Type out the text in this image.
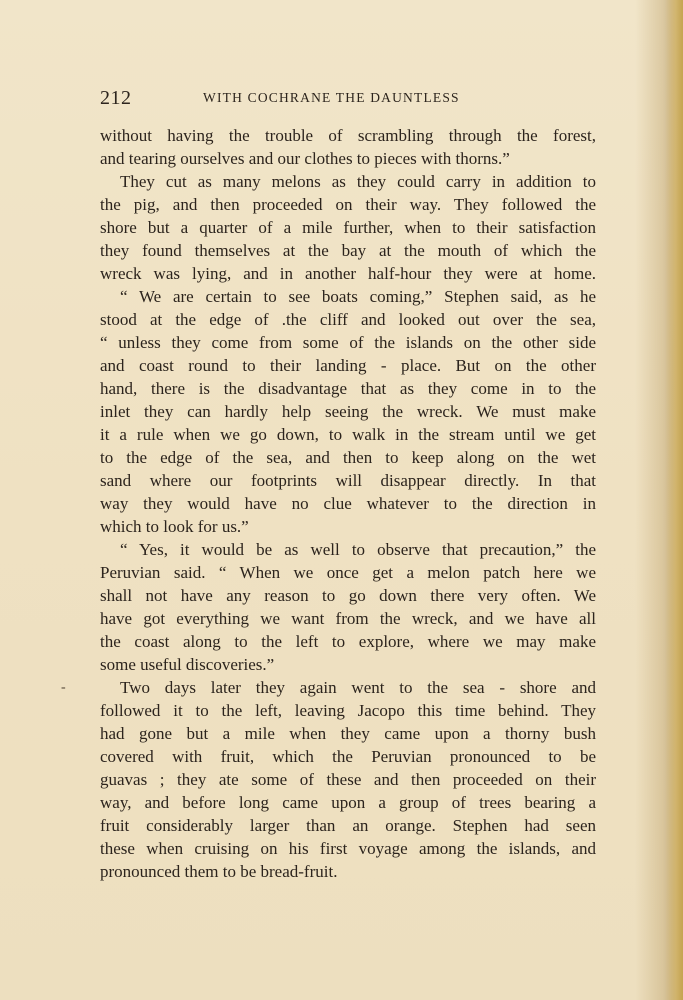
212	WITH COCHRANE THE DAUNTLESS
-
without having the trouble of scrambling through the forest,
and tearing ourselves and our clothes to pieces with thorns.”
They cut as many melons as they could carry in addition to
the pig, and then proceeded on their way. They followed the
shore but a quarter of a mile further, when to their satisfaction
they found themselves at the bay at the mouth of which the
wreck was lying, and in another half-hour they were at home.
“ We are certain to see boats coming,” Stephen said, as he
stood at the edge of .the cliff and looked out over the sea,
“ unless they come from some of the islands on the other side
and coast round to their landing - place. But on the other
hand, there is the disadvantage that as they come in to the
inlet they can hardly help seeing the wreck. We must make
it a rule when we go down, to walk in the stream until we get
to the edge of the sea, and then to keep along on the wet
sand where our footprints will disappear directly. In that
way they would have no clue whatever to the direction in
which to look for us.”
“ Yes, it would be as well to observe that precaution,” the
Peruvian said. “ When we once get a melon patch here we
shall not have any reason to go down there very often. We
have got everything we want from the wreck, and we have all
the coast along to the left to explore, where we may make
some useful discoveries.”
Two days later they again went to the sea - shore and
followed it to the left, leaving Jacopo this time behind. They
had gone but a mile when they came upon a thorny bush
covered with fruit, which the Peruvian pronounced to be
guavas ; they ate some of these and then proceeded on their
way, and before long came upon a group of trees bearing a
fruit considerably larger than an orange. Stephen had seen
these when cruising on his first voyage among the islands, and
pronounced them to be bread-fruit.
